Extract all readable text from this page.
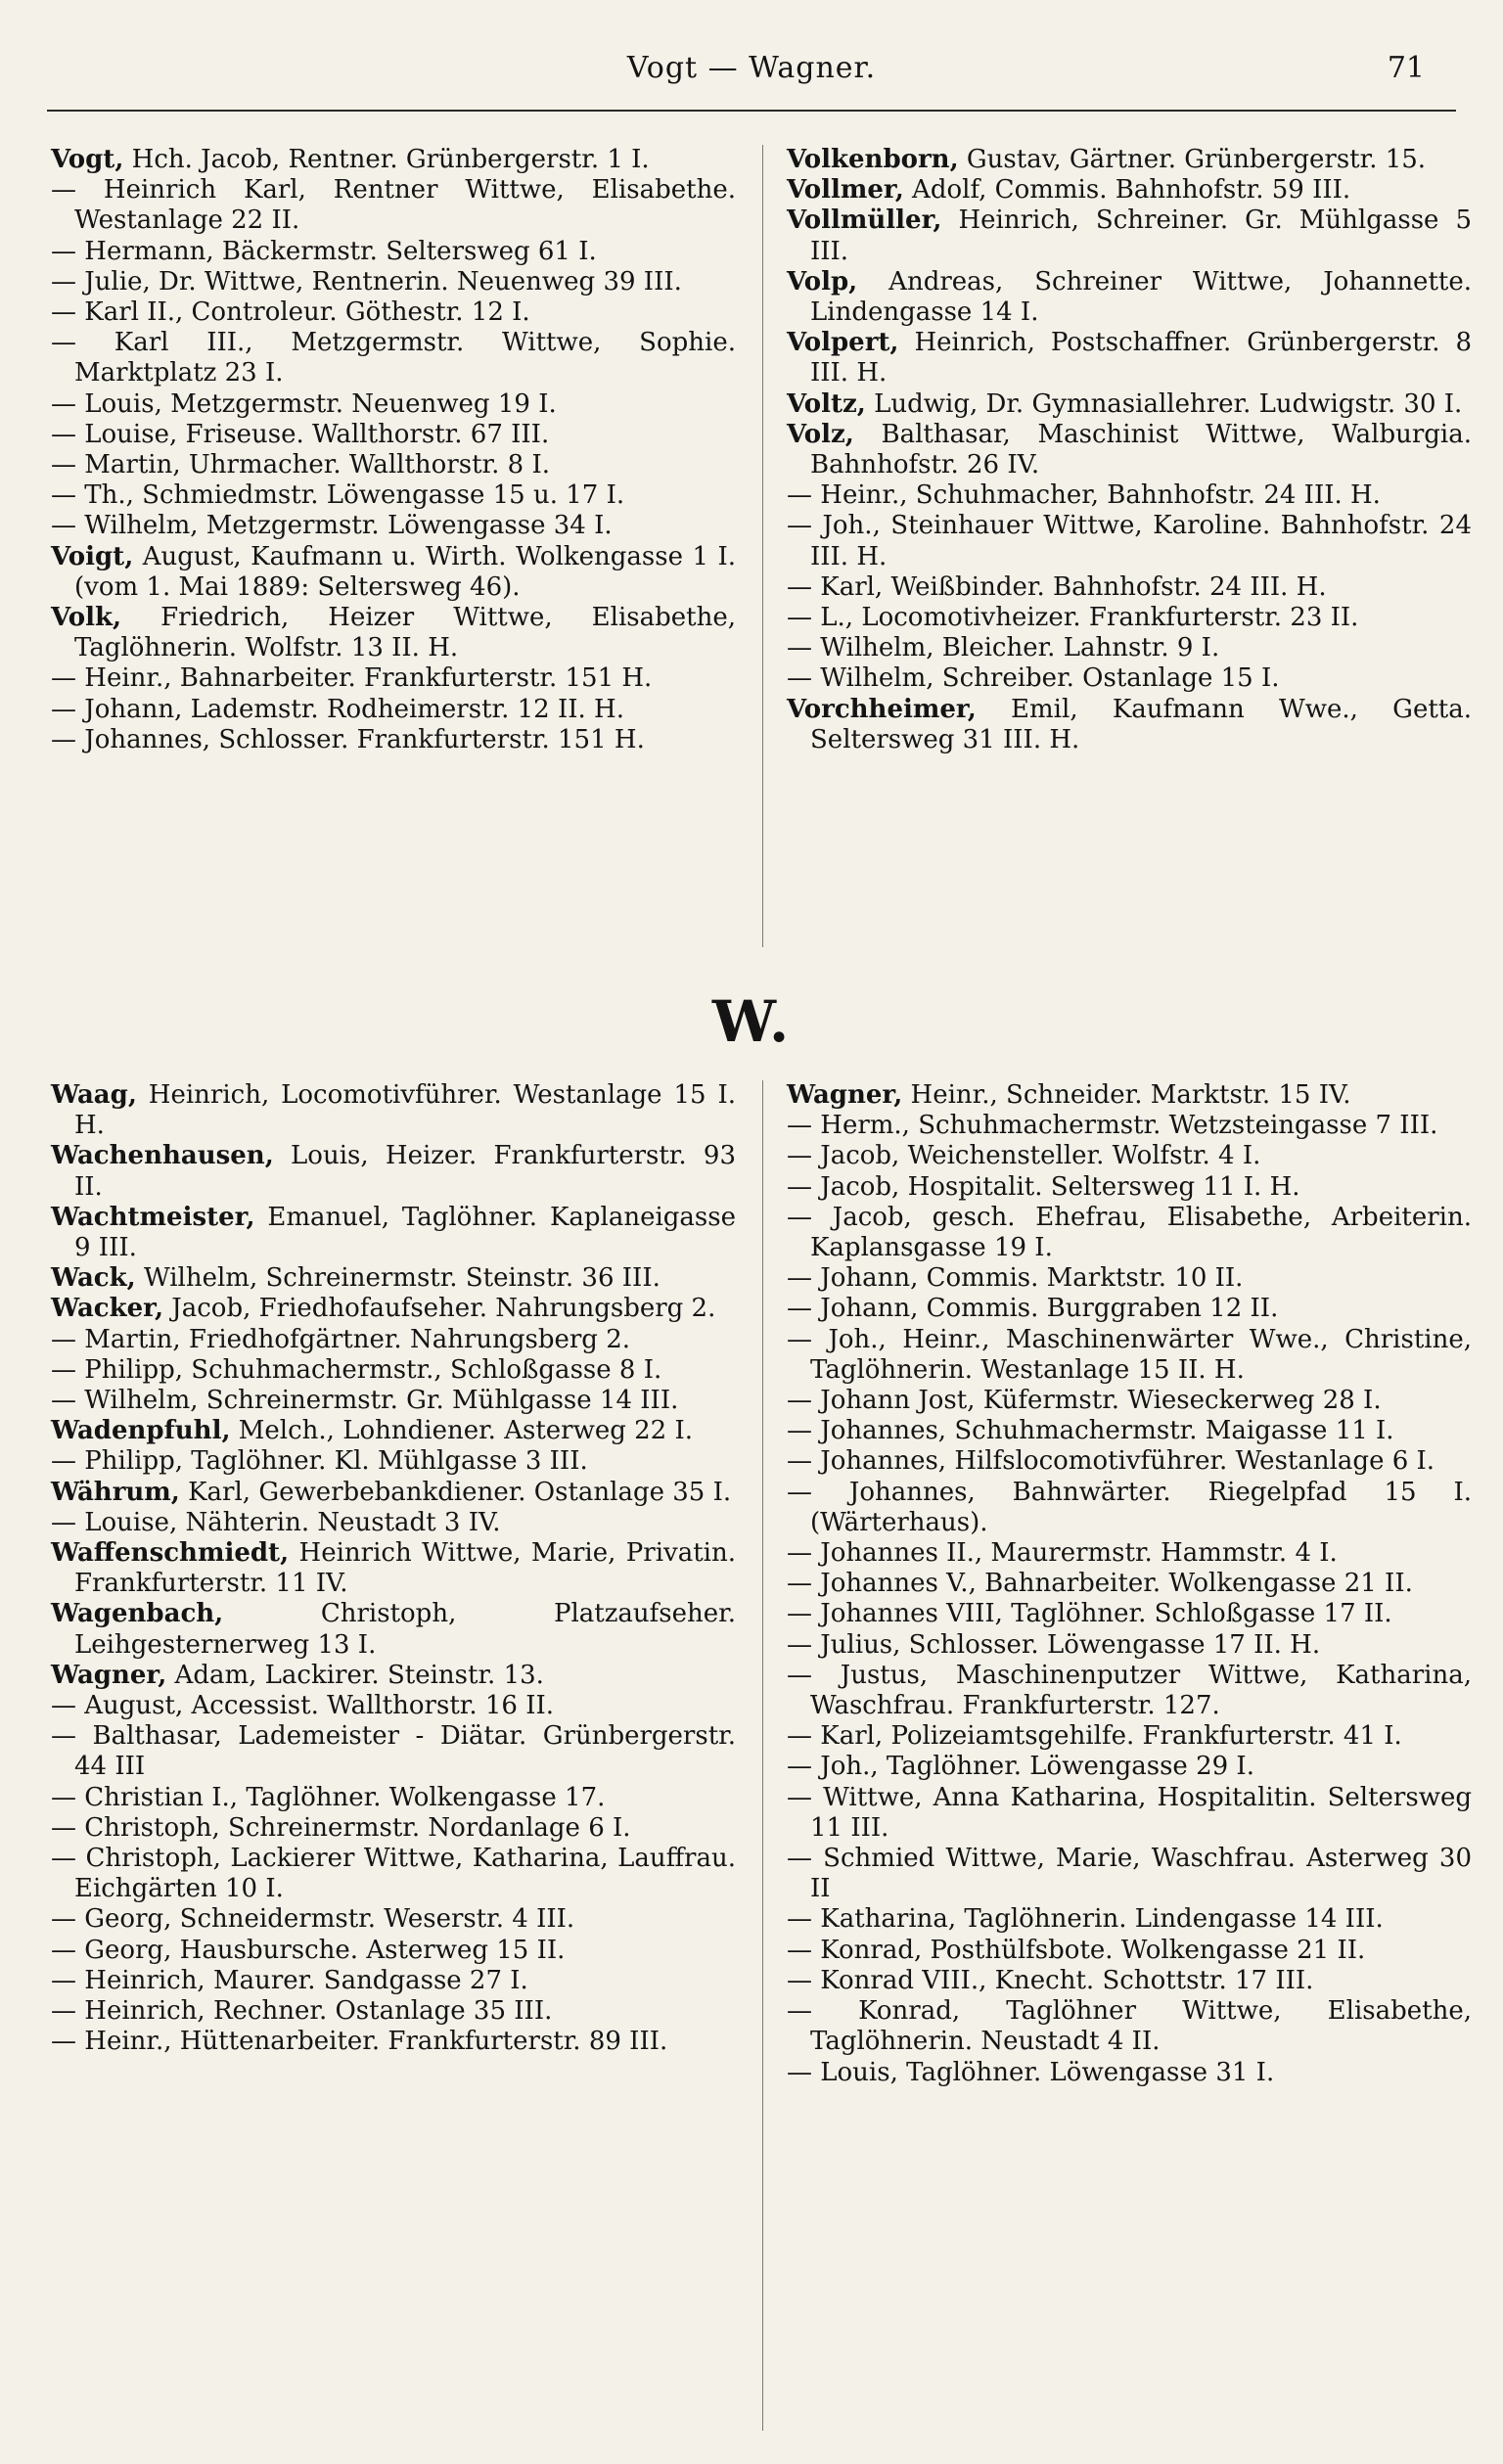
Vogt — Wagner.	71

Vogt, Hch. Jacob, Rentner. Grünbergerstr. 1 I.

— Heinrich Karl, Rentner Wittwe, Elisabethe. Westanlage 22 II.

— Hermann, Bäckermstr. Seltersweg 61 I.

— Julie, Dr. Wittwe, Rentnerin. Neuenweg 39 III.

— Karl II., Controleur. Göthestr. 12 I.

— Karl III., Metzgermstr. Wittwe, Sophie. Marktplatz 23 I.

— Louis, Metzgermstr. Neuenweg 19 I.

— Louise, Friseuse. Wallthorstr. 67 III.

— Martin, Uhrmacher. Wallthorstr. 8 I.

— Th., Schmiedmstr. Löwengasse 15 u. 17 I.

— Wilhelm, Metzgermstr. Löwengasse 34 I.

Voigt, August, Kaufmann u. Wirth. Wolkengasse 1 I. (vom 1. Mai 1889: Seltersweg 46).

Volk, Friedrich, Heizer Wittwe, Elisabethe, Taglöhnerin. Wolfstr. 13 II. H.

— Heinr., Bahnarbeiter. Frankfurterstr. 151 H.

— Johann, Lademstr. Rodheimerstr. 12 II. H.

— Johannes, Schlosser. Frankfurterstr. 151 H.

Volkenborn, Gustav, Gärtner. Grünbergerstr. 15.

Vollmer, Adolf, Commis. Bahnhofstr. 59 III.

Vollmüller, Heinrich, Schreiner. Gr. Mühlgasse 5 III.

Volp, Andreas, Schreiner Wittwe, Johannette. Lindengasse 14 I.

Volpert, Heinrich, Postschaffner. Grünbergerstr. 8 III. H.

Voltz, Ludwig, Dr. Gymnasiallehrer. Ludwigstr. 30 I.

Volz, Balthasar, Maschinist Wittwe, Walburgia. Bahnhofstr. 26 IV.

— Heinr., Schuhmacher, Bahnhofstr. 24 III. H.

— Joh., Steinhauer Wittwe, Karoline. Bahnhofstr. 24 III. H.

— Karl, Weißbinder. Bahnhofstr. 24 III. H.

— L., Locomotivheizer. Frankfurterstr. 23 II.

— Wilhelm, Bleicher. Lahnstr. 9 I.

— Wilhelm, Schreiber. Ostanlage 15 I.

Vorchheimer, Emil, Kaufmann Wwe., Getta. Seltersweg 31 III. H.

W.

Waag, Heinrich, Locomotivführer. Westanlage 15 I. H.

Wachenhausen, Louis, Heizer. Frankfurterstr. 93 II.

Wachtmeister, Emanuel, Taglöhner. Kaplaneigasse 9 III.

Wack, Wilhelm, Schreinermstr. Steinstr. 36 III.

Wacker, Jacob, Friedhofaufseher. Nahrungsberg 2.

— Martin, Friedhofgärtner. Nahrungsberg 2.

— Philipp, Schuhmachermstr., Schloßgasse 8 I.

— Wilhelm, Schreinermstr. Gr. Mühlgasse 14 III.

Wadenpfuhl, Melch., Lohndiener. Asterweg 22 I.

— Philipp, Taglöhner. Kl. Mühlgasse 3 III.

Währum, Karl, Gewerbebankdiener. Ostanlage 35 I.

— Louise, Nähterin. Neustadt 3 IV.

Waffenschmiedt, Heinrich Wittwe, Marie, Privatin. Frankfurterstr. 11 IV.

Wagenbach, Christoph, Platzaufseher. Leihgesternerweg 13 I.

Wagner, Adam, Lackirer. Steinstr. 13.

— August, Accessist. Wallthorstr. 16 II.

— Balthasar, Lademeister - Diätar. Grünbergerstr. 44 III

— Christian I., Taglöhner. Wolkengasse 17.

— Christoph, Schreinermstr. Nordanlage 6 I.

— Christoph, Lackierer Wittwe, Katharina, Lauffrau. Eichgärten 10 I.

— Georg, Schneidermstr. Weserstr. 4 III.

— Georg, Hausbursche. Asterweg 15 II.

— Heinrich, Maurer. Sandgasse 27 I.

— Heinrich, Rechner. Ostanlage 35 III.

— Heinr., Hüttenarbeiter. Frankfurterstr. 89 III.

Wagner, Heinr., Schneider. Marktstr. 15 IV.

— Herm., Schuhmachermstr. Wetzsteingasse 7 III.

— Jacob, Weichensteller. Wolfstr. 4 I.

— Jacob, Hospitalit. Seltersweg 11 I. H.

— Jacob, gesch. Ehefrau, Elisabethe, Arbeiterin. Kaplansgasse 19 I.

— Johann, Commis. Marktstr. 10 II.

— Johann, Commis. Burggraben 12 II.

— Joh., Heinr., Maschinenwärter Wwe., Christine, Taglöhnerin. Westanlage 15 II. H.

— Johann Jost, Küfermstr. Wieseckerweg 28 I.

— Johannes, Schuhmachermstr. Maigasse 11 I.

— Johannes, Hilfslocomotivführer. Westanlage 6 I.

— Johannes, Bahnwärter. Riegelpfad 15 I. (Wärterhaus).

— Johannes II., Maurermstr. Hammstr. 4 I.

— Johannes V., Bahnarbeiter. Wolkengasse 21 II.

— Johannes VIII, Taglöhner. Schloßgasse 17 II.

— Julius, Schlosser. Löwengasse 17 II. H.

— Justus, Maschinenputzer Wittwe, Katharina, Waschfrau. Frankfurterstr. 127.

— Karl, Polizeiamtsgehilfe. Frankfurterstr. 41 I.

— Joh., Taglöhner. Löwengasse 29 I.

— Wittwe, Anna Katharina, Hospitalitin. Seltersweg 11 III.

— Schmied Wittwe, Marie, Waschfrau. Asterweg 30 II

— Katharina, Taglöhnerin. Lindengasse 14 III.

— Konrad, Posthülfsbote. Wolkengasse 21 II.

— Konrad VIII., Knecht. Schottstr. 17 III.

— Konrad, Taglöhner Wittwe, Elisabethe, Taglöhnerin. Neustadt 4 II.

— Louis, Taglöhner. Löwengasse 31 I.
